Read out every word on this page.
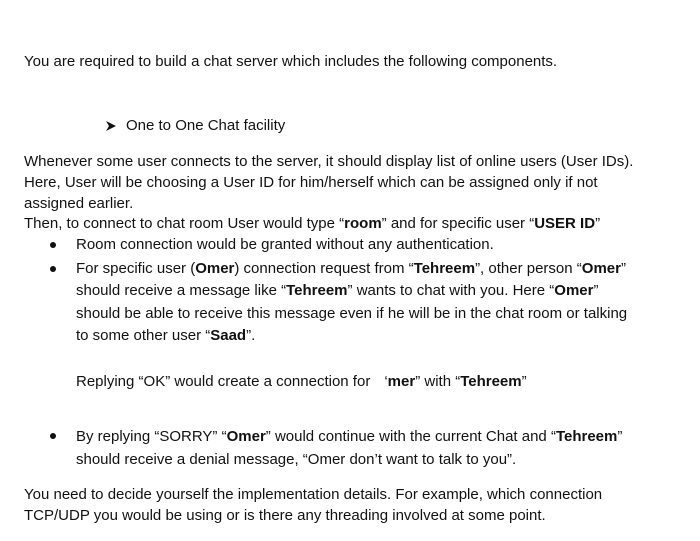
You are required to build a chat server which includes the following components.
One to One Chat facility
Whenever some user connects to the server, it should display list of online users (User IDs).
Here, User will be choosing a User ID for him/herself which can be assigned only if not
assigned earlier.
Then, to connect to chat room User would type “room” and for specific user “USER ID”
Room connection would be granted without any authentication.
For specific user (Omer) connection request from “Tehreem”, other person “Omer”
should receive a message like “Tehreem” wants to chat with you. Here “Omer”
should be able to receive this message even if he will be in the chat room or talking
to some other user “Saad”.
Replying “OK” would create a connection for ‘mer” with “Tehreem”
By replying “SORRY” “Omer” would continue with the current Chat and “Tehreem”
should receive a denial message, “Omer don’t want to talk to you”.
You need to decide yourself the implementation details. For example, which connection
TCP/UDP you would be using or is there any threading involved at some point.
